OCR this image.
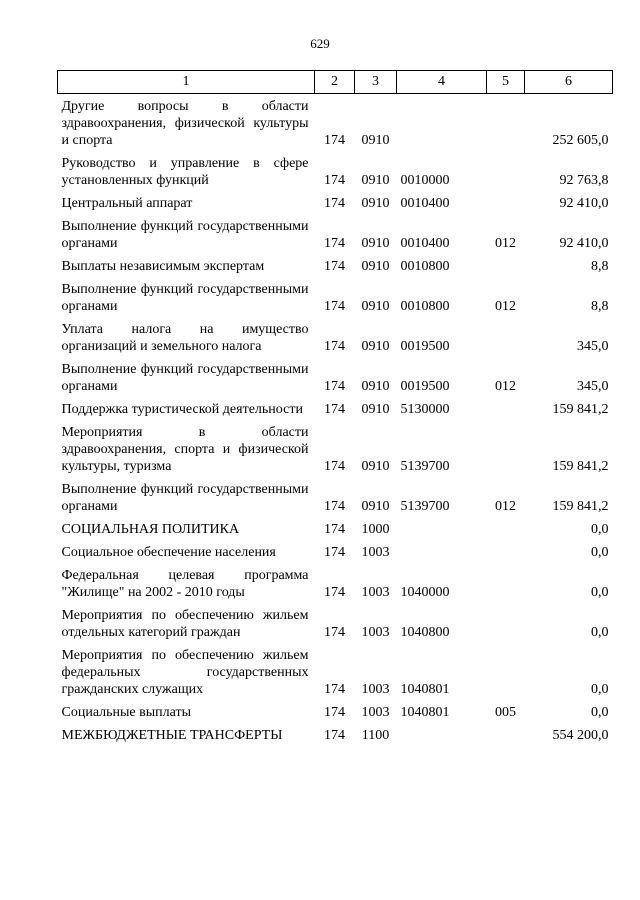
629
1	2	3	4	5	6
Другие вопросы в области здравоохранения, физической культуры и спорта	174	0910			252 605,0
Руководство и управление в сфере установленных функций	174	0910	0010000		92 763,8
Центральный аппарат	174	0910	0010400		92 410,0
Выполнение функций государственными органами	174	0910	0010400	012	92 410,0
Выплаты независимым экспертам	174	0910	0010800		8,8
Выполнение функций государственными органами	174	0910	0010800	012	8,8
Уплата налога на имущество организаций и земельного налога	174	0910	0019500		345,0
Выполнение функций государственными органами	174	0910	0019500	012	345,0
Поддержка туристической деятельности	174	0910	5130000		159 841,2
Мероприятия в области здравоохранения, спорта и физической культуры, туризма	174	0910	5139700		159 841,2
Выполнение функций государственными органами	174	0910	5139700	012	159 841,2
СОЦИАЛЬНАЯ ПОЛИТИКА	174	1000			0,0
Социальное обеспечение населения	174	1003			0,0
Федеральная целевая программа "Жилище" на 2002 - 2010 годы	174	1003	1040000		0,0
Мероприятия по обеспечению жильем отдельных категорий граждан	174	1003	1040800		0,0
Мероприятия по обеспечению жильем федеральных государственных гражданских служащих	174	1003	1040801		0,0
Социальные выплаты	174	1003	1040801	005	0,0
МЕЖБЮДЖЕТНЫЕ ТРАНСФЕРТЫ	174	1100			554 200,0
